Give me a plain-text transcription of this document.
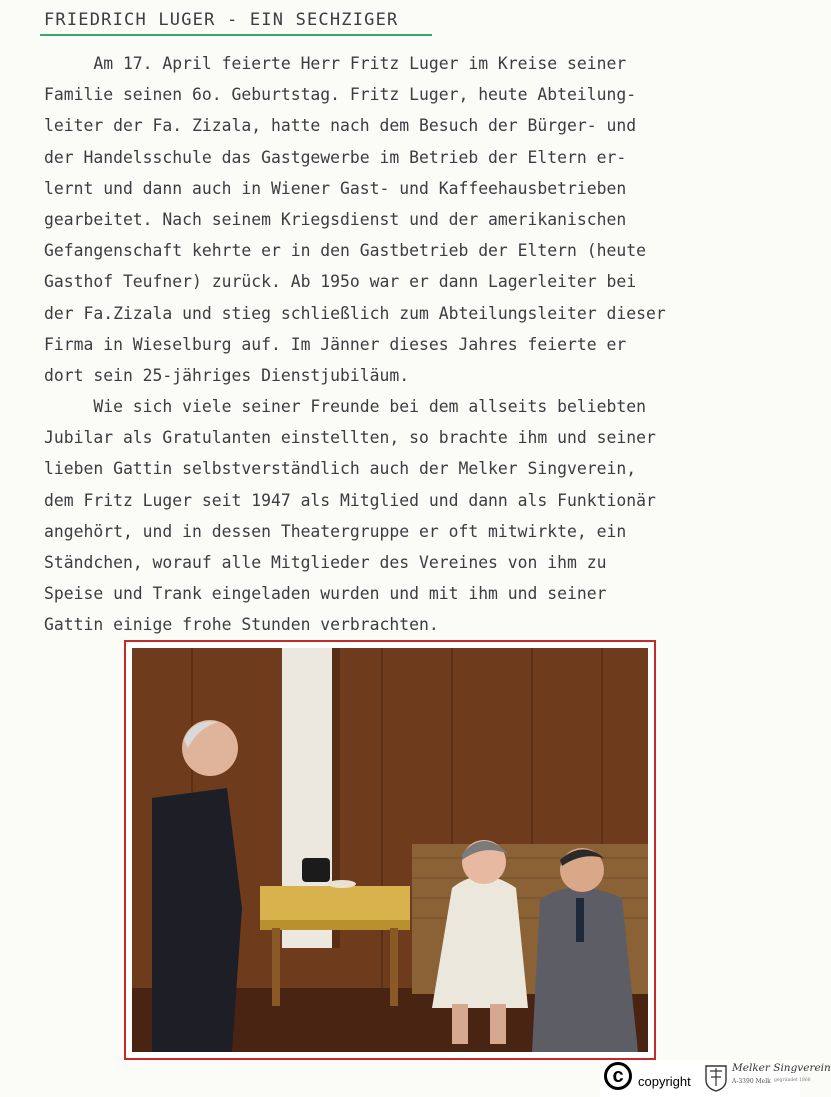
FRIEDRICH LUGER - EIN SECHZIGER
Am 17. April feierte Herr Fritz Luger im Kreise seiner
Familie seinen 6o. Geburtstag. Fritz Luger, heute Abteilung-
leiter der Fa. Zizala, hatte nach dem Besuch der Bürger- und
der Handelsschule das Gastgewerbe im Betrieb der Eltern er-
lernt und dann auch in Wiener Gast- und Kaffeehausbetrieben
gearbeitet. Nach seinem Kriegsdienst und der amerikanischen
Gefangenschaft kehrte er in den Gastbetrieb der Eltern (heute
Gasthof Teufner) zurück. Ab 195o war er dann Lagerleiter bei
der Fa.Zizala und stieg schließlich zum Abteilungsleiter dieser
Firma in Wieselburg auf. Im Jänner dieses Jahres feierte er
dort sein 25-jähriges Dienstjubiläum.
Wie sich viele seiner Freunde bei dem allseits beliebten
Jubilar als Gratulanten einstellten, so brachte ihm und seiner
lieben Gattin selbstverständlich auch der Melker Singverein,
dem Fritz Luger seit 1947 als Mitglied und dann als Funktionär
angehört, und in dessen Theatergruppe er oft mitwirkte, ein
Ständchen, worauf alle Mitglieder des Vereines von ihm zu
Speise und Trank eingeladen wurden und mit ihm und seiner
Gattin einige frohe Stunden verbrachten.
c	copyright
Melker Singverein
A-3390 Melk gegründet 1866
